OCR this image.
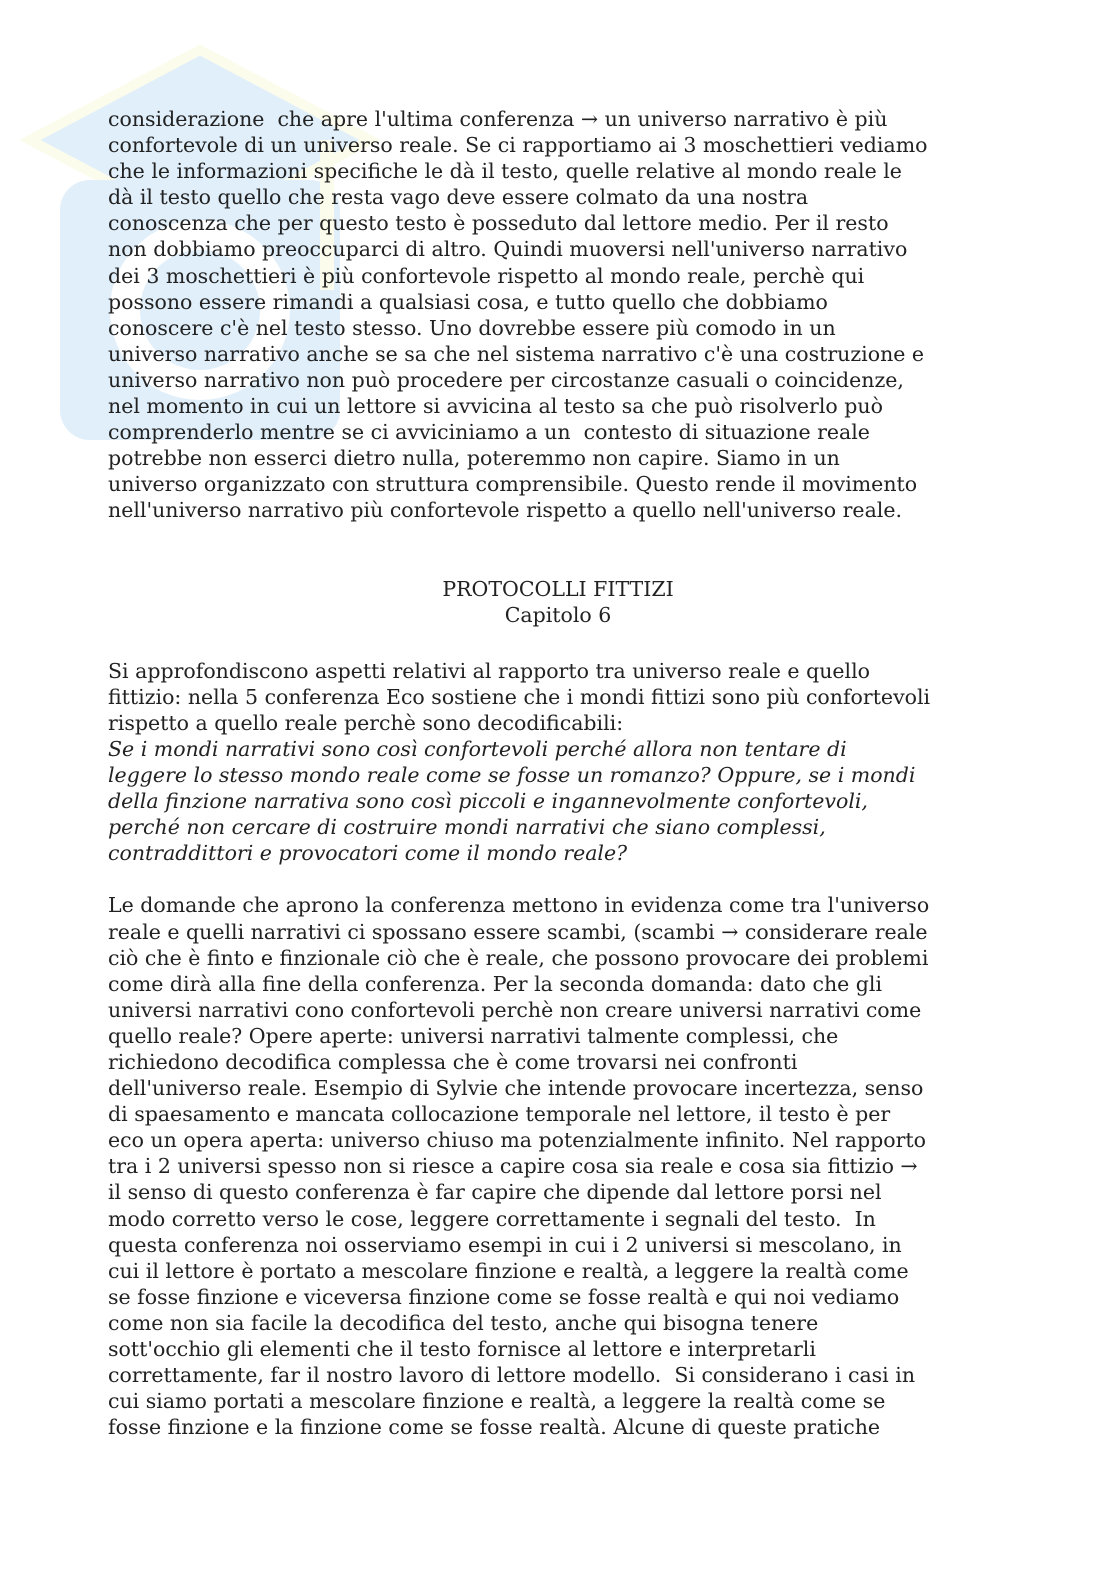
considerazione  che apre l'ultima conferenza → un universo narrativo è più
confortevole di un universo reale. Se ci rapportiamo ai 3 moschettieri vediamo
che le informazioni specifiche le dà il testo, quelle relative al mondo reale le
dà il testo quello che resta vago deve essere colmato da una nostra
conoscenza che per questo testo è posseduto dal lettore medio. Per il resto
non dobbiamo preoccuparci di altro. Quindi muoversi nell'universo narrativo
dei 3 moschettieri è più confortevole rispetto al mondo reale, perchè qui
possono essere rimandi a qualsiasi cosa, e tutto quello che dobbiamo
conoscere c'è nel testo stesso. Uno dovrebbe essere più comodo in un
universo narrativo anche se sa che nel sistema narrativo c'è una costruzione e
universo narrativo non può procedere per circostanze casuali o coincidenze,
nel momento in cui un lettore si avvicina al testo sa che può risolverlo può
comprenderlo mentre se ci avviciniamo a un  contesto di situazione reale
potrebbe non esserci dietro nulla, poteremmo non capire. Siamo in un
universo organizzato con struttura comprensibile. Questo rende il movimento
nell'universo narrativo più confortevole rispetto a quello nell'universo reale.
PROTOCOLLI FITTIZI
Capitolo 6
Si approfondiscono aspetti relativi al rapporto tra universo reale e quello
fittizio: nella 5 conferenza Eco sostiene che i mondi fittizi sono più confortevoli
rispetto a quello reale perchè sono decodificabili:
Se i mondi narrativi sono così confortevoli perché allora non tentare di
leggere lo stesso mondo reale come se fosse un romanzo? Oppure, se i mondi
della finzione narrativa sono così piccoli e ingannevolmente confortevoli,
perché non cercare di costruire mondi narrativi che siano complessi,
contraddittori e provocatori come il mondo reale?
Le domande che aprono la conferenza mettono in evidenza come tra l'universo
reale e quelli narrativi ci spossano essere scambi, (scambi → considerare reale
ciò che è finto e finzionale ciò che è reale, che possono provocare dei problemi
come dirà alla fine della conferenza. Per la seconda domanda: dato che gli
universi narrativi cono confortevoli perchè non creare universi narrativi come
quello reale? Opere aperte: universi narrativi talmente complessi, che
richiedono decodifica complessa che è come trovarsi nei confronti
dell'universo reale. Esempio di Sylvie che intende provocare incertezza, senso
di spaesamento e mancata collocazione temporale nel lettore, il testo è per
eco un opera aperta: universo chiuso ma potenzialmente infinito. Nel rapporto
tra i 2 universi spesso non si riesce a capire cosa sia reale e cosa sia fittizio →
il senso di questo conferenza è far capire che dipende dal lettore porsi nel
modo corretto verso le cose, leggere correttamente i segnali del testo.  In
questa conferenza noi osserviamo esempi in cui i 2 universi si mescolano, in
cui il lettore è portato a mescolare finzione e realtà, a leggere la realtà come
se fosse finzione e viceversa finzione come se fosse realtà e qui noi vediamo
come non sia facile la decodifica del testo, anche qui bisogna tenere
sott'occhio gli elementi che il testo fornisce al lettore e interpretarli
correttamente, far il nostro lavoro di lettore modello.  Si considerano i casi in
cui siamo portati a mescolare finzione e realtà, a leggere la realtà come se
fosse finzione e la finzione come se fosse realtà. Alcune di queste pratiche
